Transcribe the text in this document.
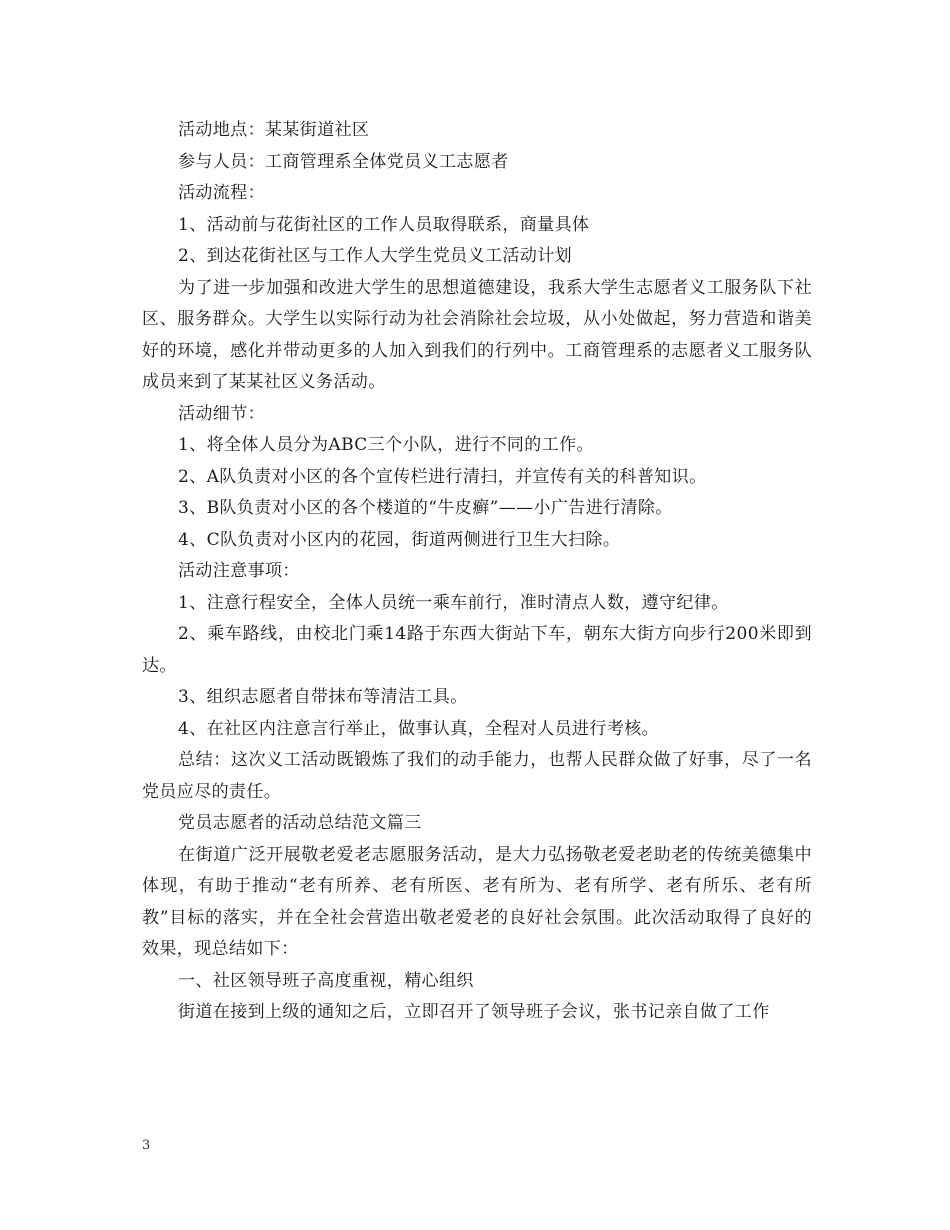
活动地点：某某街道社区

参与人员：工商管理系全体党员义工志愿者

活动流程：

1、活动前与花街社区的工作人员取得联系，商量具体

2、到达花街社区与工作人大学生党员义工活动计划

为了进一步加强和改进大学生的思想道德建设，我系大学生志愿者义工服务队下社区、服务群众。大学生以实际行动为社会消除社会垃圾，从小处做起，努力营造和谐美好的环境，感化并带动更多的人加入到我们的行列中。工商管理系的志愿者义工服务队成员来到了某某社区义务活动。

活动细节：

1、将全体人员分为ABC三个小队，进行不同的工作。

2、A队负责对小区的各个宣传栏进行清扫，并宣传有关的科普知识。

3、B队负责对小区的各个楼道的“牛皮癣”——小广告进行清除。

4、C队负责对小区内的花园，街道两侧进行卫生大扫除。

活动注意事项：

1、注意行程安全，全体人员统一乘车前行，准时清点人数，遵守纪律。

2、乘车路线，由校北门乘14路于东西大街站下车，朝东大街方向步行200米即到达。

3、组织志愿者自带抹布等清洁工具。

4、在社区内注意言行举止，做事认真，全程对人员进行考核。

总结：这次义工活动既锻炼了我们的动手能力，也帮人民群众做了好事，尽了一名党员应尽的责任。

党员志愿者的活动总结范文篇三

在街道广泛开展敬老爱老志愿服务活动，是大力弘扬敬老爱老助老的传统美德集中体现，有助于推动“老有所养、老有所医、老有所为、老有所学、老有所乐、老有所教”目标的落实，并在全社会营造出敬老爱老的良好社会氛围。此次活动取得了良好的效果，现总结如下：

一、社区领导班子高度重视，精心组织

街道在接到上级的通知之后，立即召开了领导班子会议，张书记亲自做了工作

3
